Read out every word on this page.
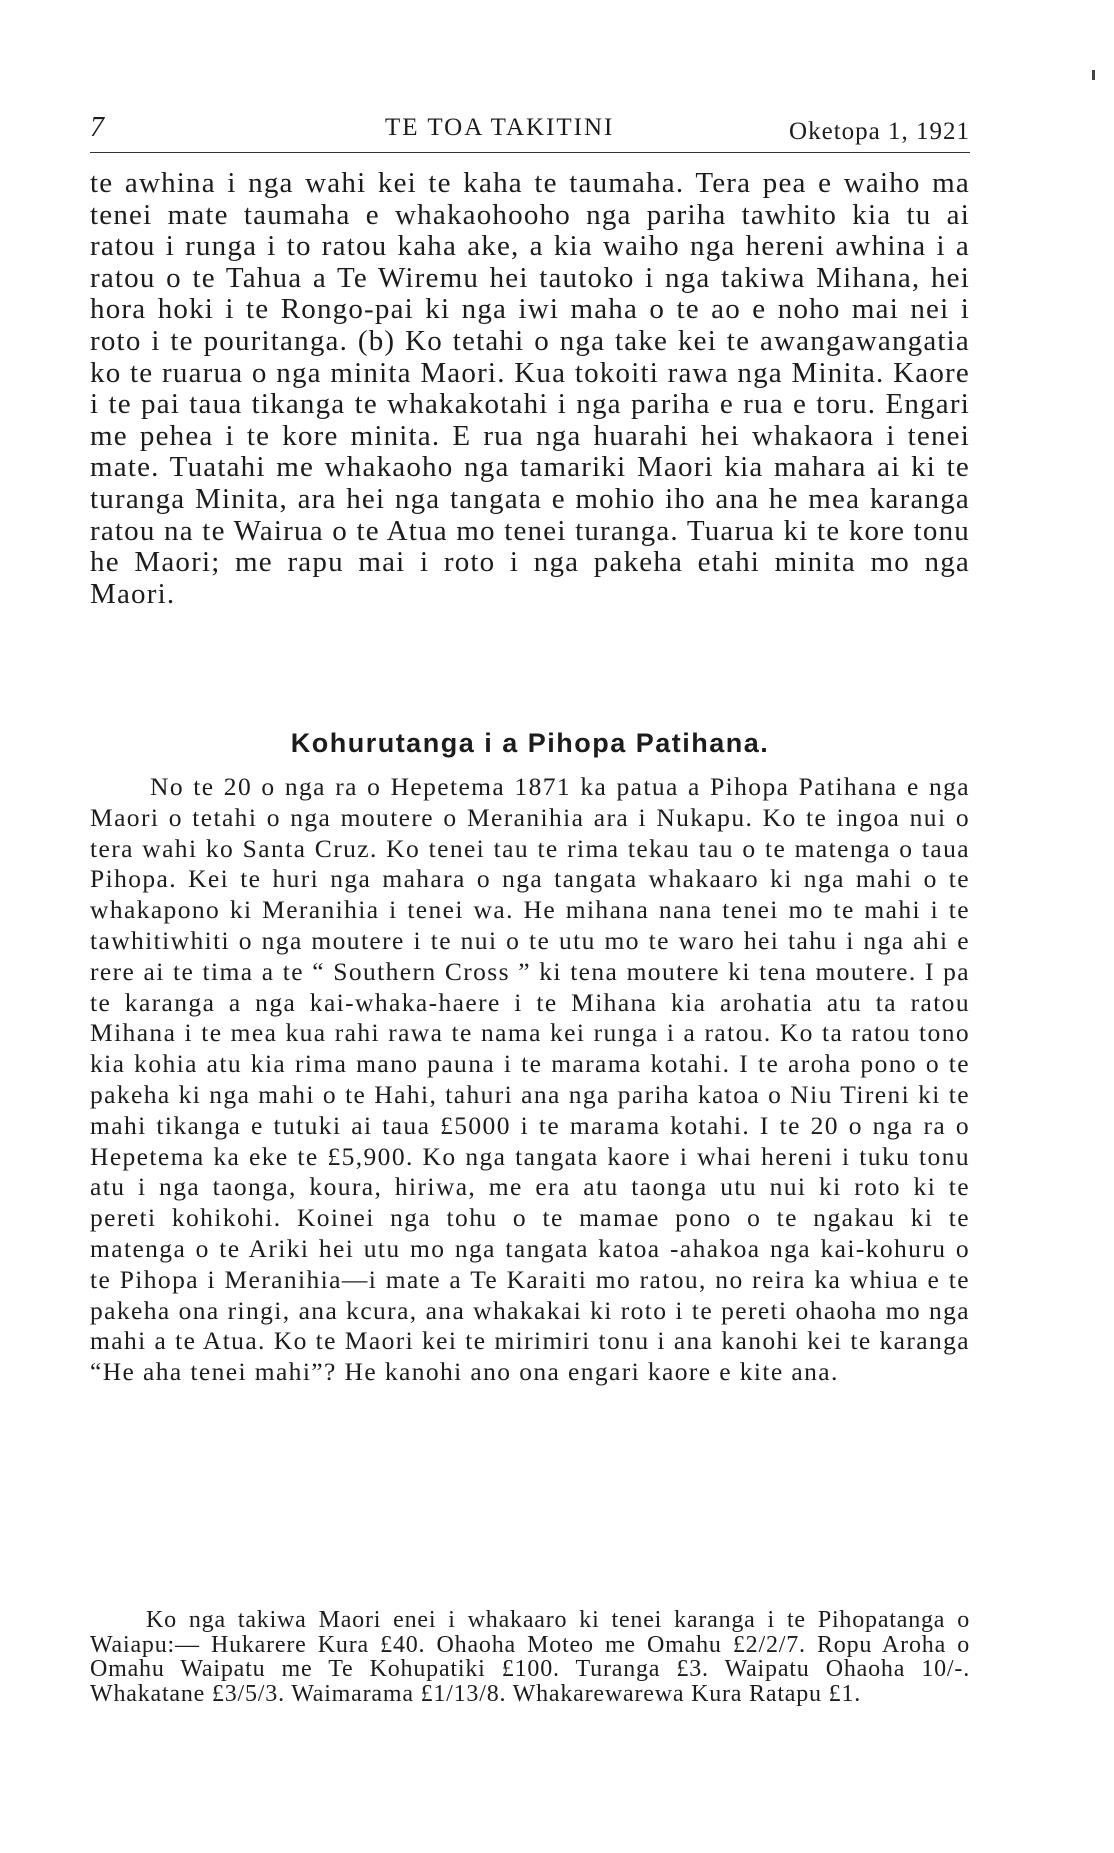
7	TE TOA TAKITINI	Oketopa 1, 1921
te awhina i nga wahi kei te kaha te taumaha. Tera pea e waiho ma tenei mate taumaha e whakaohooho nga pariha tawhito kia tu ai ratou i runga i to ratou kaha ake, a kia waiho nga hereni awhina i a ratou o te Tahua a Te Wiremu hei tautoko i nga takiwa Mihana, hei hora hoki i te Rongo-pai ki nga iwi maha o te ao e noho mai nei i roto i te pouritanga. (b) Ko tetahi o nga take kei te awangawangatia ko te ruarua o nga minita Maori. Kua tokoiti rawa nga Minita. Kaore i te pai taua tikanga te whakakotahi i nga pariha e rua e toru. Engari me pehea i te kore minita. E rua nga huarahi hei whakaora i tenei mate. Tuatahi me whakaoho nga tamariki Maori kia mahara ai ki te turanga Minita, ara hei nga tangata e mohio iho ana he mea karanga ratou na te Wairua o te Atua mo tenei turanga. Tuarua ki te kore tonu he Maori; me rapu mai i roto i nga pakeha etahi minita mo nga Maori.
Kohurutanga i a Pihopa Patihana.
No te 20 o nga ra o Hepetema 1871 ka patua a Pihopa Patihana e nga Maori o tetahi o nga moutere o Meranihia ara i Nukapu. Ko te ingoa nui o tera wahi ko Santa Cruz. Ko tenei tau te rima tekau tau o te matenga o taua Pihopa. Kei te huri nga mahara o nga tangata whakaaro ki nga mahi o te whakapono ki Meranihia i tenei wa. He mihana nana tenei mo te mahi i te tawhitiwhiti o nga moutere i te nui o te utu mo te waro hei tahu i nga ahi e rere ai te tima a te “ Southern Cross ” ki tena moutere ki tena moutere. I pa te karanga a nga kai-whaka-haere i te Mihana kia arohatia atu ta ratou Mihana i te mea kua rahi rawa te nama kei runga i a ratou. Ko ta ratou tono kia kohia atu kia rima mano pauna i te marama kotahi. I te aroha pono o te pakeha ki nga mahi o te Hahi, tahuri ana nga pariha katoa o Niu Tireni ki te mahi tikanga e tutuki ai taua £5000 i te marama kotahi. I te 20 o nga ra o Hepetema ka eke te £5,900. Ko nga tangata kaore i whai hereni i tuku tonu atu i nga taonga, koura, hiriwa, me era atu taonga utu nui ki roto ki te pereti kohikohi. Koinei nga tohu o te mamae pono o te ngakau ki te matenga o te Ariki hei utu mo nga tangata katoa -ahakoa nga kai-kohuru o te Pihopa i Meranihia—i mate a Te Karaiti mo ratou, no reira ka whiua e te pakeha ona ringi, ana kcura, ana whakakai ki roto i te pereti ohaoha mo nga mahi a te Atua. Ko te Maori kei te mirimiri tonu i ana kanohi kei te karanga “He aha tenei mahi”? He kanohi ano ona engari kaore e kite ana.
Ko nga takiwa Maori enei i whakaaro ki tenei karanga i te Pihopatanga o Waiapu:— Hukarere Kura £40. Ohaoha Moteo me Omahu £2/2/7. Ropu Aroha o Omahu Waipatu me Te Kohupatiki £100. Turanga £3. Waipatu Ohaoha 10/-. Whakatane £3/5/3. Waimarama £1/13/8. Whakarewarewa Kura Ratapu £1.
